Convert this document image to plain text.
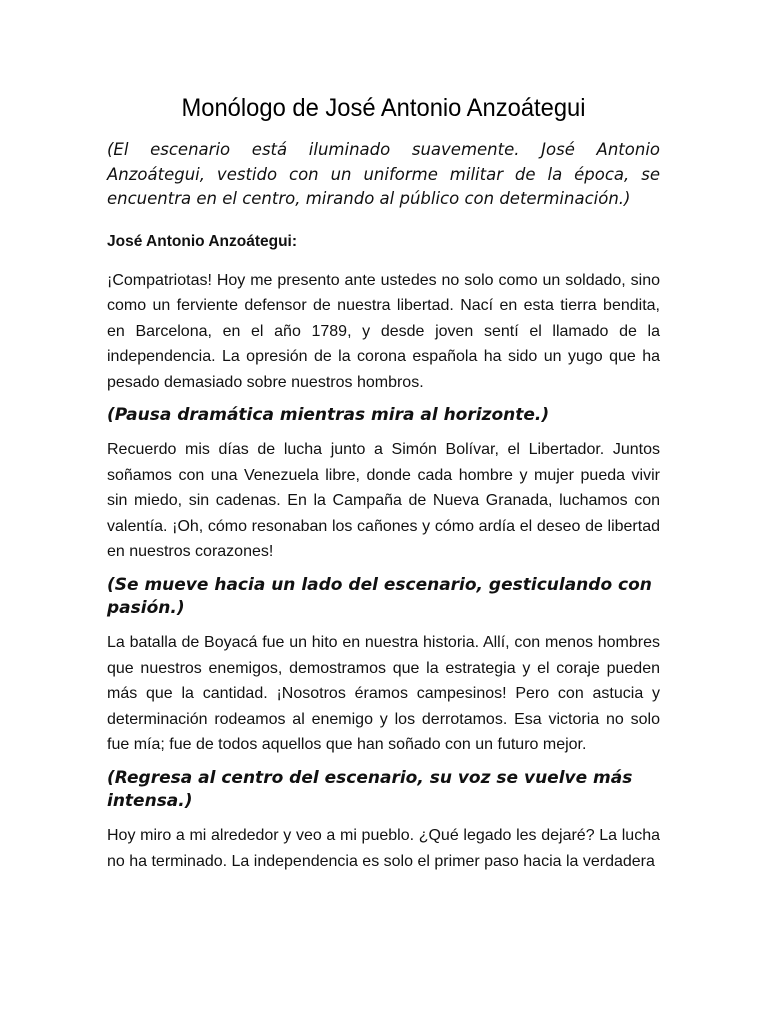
Monólogo de José Antonio Anzoátegui

(El escenario está iluminado suavemente. José Antonio Anzoátegui, vestido con un uniforme militar de la época, se encuentra en el centro, mirando al público con determinación.)

José Antonio Anzoátegui:

¡Compatriotas! Hoy me presento ante ustedes no solo como un soldado, sino como un ferviente defensor de nuestra libertad. Nací en esta tierra bendita, en Barcelona, en el año 1789, y desde joven sentí el llamado de la independencia. La opresión de la corona española ha sido un yugo que ha pesado demasiado sobre nuestros hombros.

(Pausa dramática mientras mira al horizonte.)

Recuerdo mis días de lucha junto a Simón Bolívar, el Libertador. Juntos soñamos con una Venezuela libre, donde cada hombre y mujer pueda vivir sin miedo, sin cadenas. En la Campaña de Nueva Granada, luchamos con valentía. ¡Oh, cómo resonaban los cañones y cómo ardía el deseo de libertad en nuestros corazones!

(Se mueve hacia un lado del escenario, gesticulando con pasión.)

La batalla de Boyacá fue un hito en nuestra historia. Allí, con menos hombres que nuestros enemigos, demostramos que la estrategia y el coraje pueden más que la cantidad. ¡Nosotros éramos campesinos! Pero con astucia y determinación rodeamos al enemigo y los derrotamos. Esa victoria no solo fue mía; fue de todos aquellos que han soñado con un futuro mejor.

(Regresa al centro del escenario, su voz se vuelve más intensa.)

Hoy miro a mi alrededor y veo a mi pueblo. ¿Qué legado les dejaré? La lucha no ha terminado. La independencia es solo el primer paso hacia la verdadera
